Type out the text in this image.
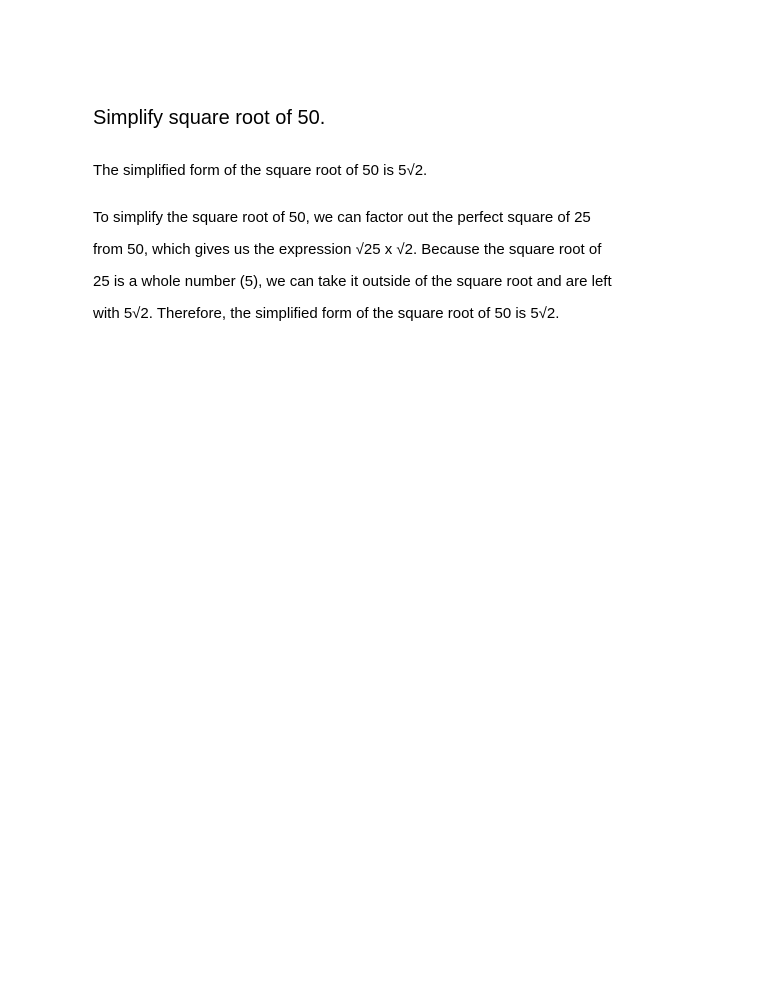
Simplify square root of 50.

The simplified form of the square root of 50 is 5√2.

To simplify the square root of 50, we can factor out the perfect square of 25
from 50, which gives us the expression √25 x √2. Because the square root of
25 is a whole number (5), we can take it outside of the square root and are left
with 5√2. Therefore, the simplified form of the square root of 50 is 5√2.
